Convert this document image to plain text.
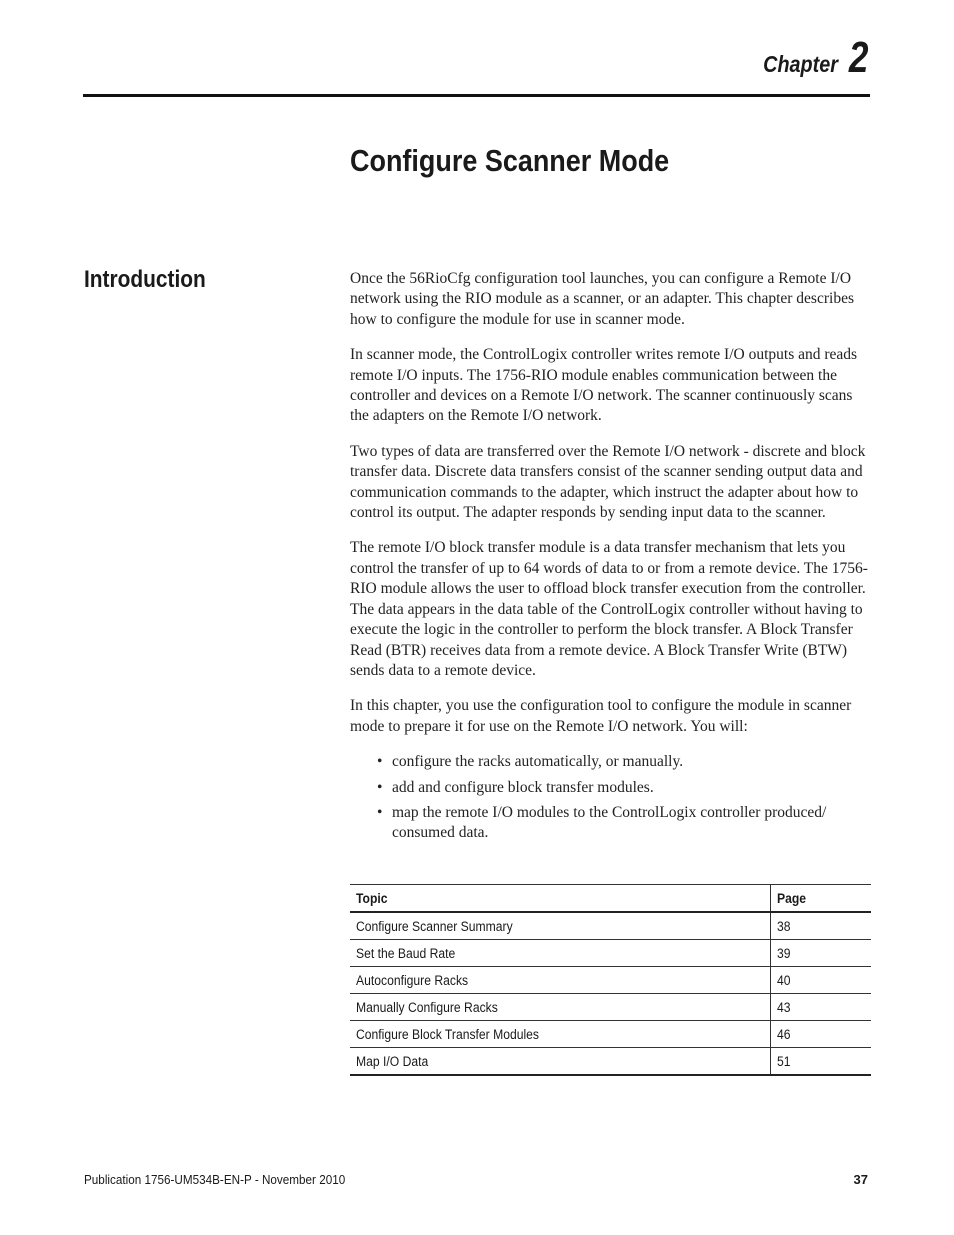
Chapter 2
Configure Scanner Mode
Introduction	Once the 56RioCfg configuration tool launches, you can configure a Remote I/O network using the RIO module as a scanner, or an adapter. This chapter describes how to configure the module for use in scanner mode.

In scanner mode, the ControlLogix controller writes remote I/O outputs and reads remote I/O inputs. The 1756-RIO module enables communication between the controller and devices on a Remote I/O network. The scanner continuously scans the adapters on the Remote I/O network.

Two types of data are transferred over the Remote I/O network - discrete and block transfer data. Discrete data transfers consist of the scanner sending output data and communication commands to the adapter, which instruct the adapter about how to control its output. The adapter responds by sending input data to the scanner.

The remote I/O block transfer module is a data transfer mechanism that lets you control the transfer of up to 64 words of data to or from a remote device. The 1756-RIO module allows the user to offload block transfer execution from the controller. The data appears in the data table of the ControlLogix controller without having to execute the logic in the controller to perform the block transfer. A Block Transfer Read (BTR) receives data from a remote device. A Block Transfer Write (BTW) sends data to a remote device.

In this chapter, you use the configuration tool to configure the module in scanner mode to prepare it for use on the Remote I/O network. You will:

• configure the racks automatically, or manually.
• add and configure block transfer modules.
• map the remote I/O modules to the ControlLogix controller produced/ consumed data.
Topic	Page
Configure Scanner Summary	38
Set the Baud Rate	39
Autoconfigure Racks	40
Manually Configure Racks	43
Configure Block Transfer Modules	46
Map I/O Data	51
Publication 1756-UM534B-EN-P - November 2010	37
